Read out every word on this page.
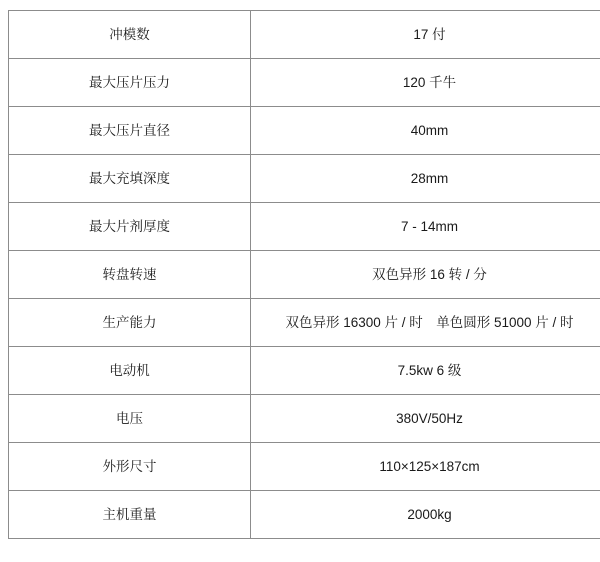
冲模数	17 付
最大压片压力	120 千牛
最大压片直径	40mm
最大充填深度	28mm
最大片剂厚度	7 - 14mm
转盘转速	双色异形 16 转 / 分
生产能力	双色异形 16300 片 / 时　单色圆形 51000 片 / 时
电动机	7.5kw 6 级
电压	380V/50Hz
外形尺寸	110×125×187cm
主机重量	2000kg
